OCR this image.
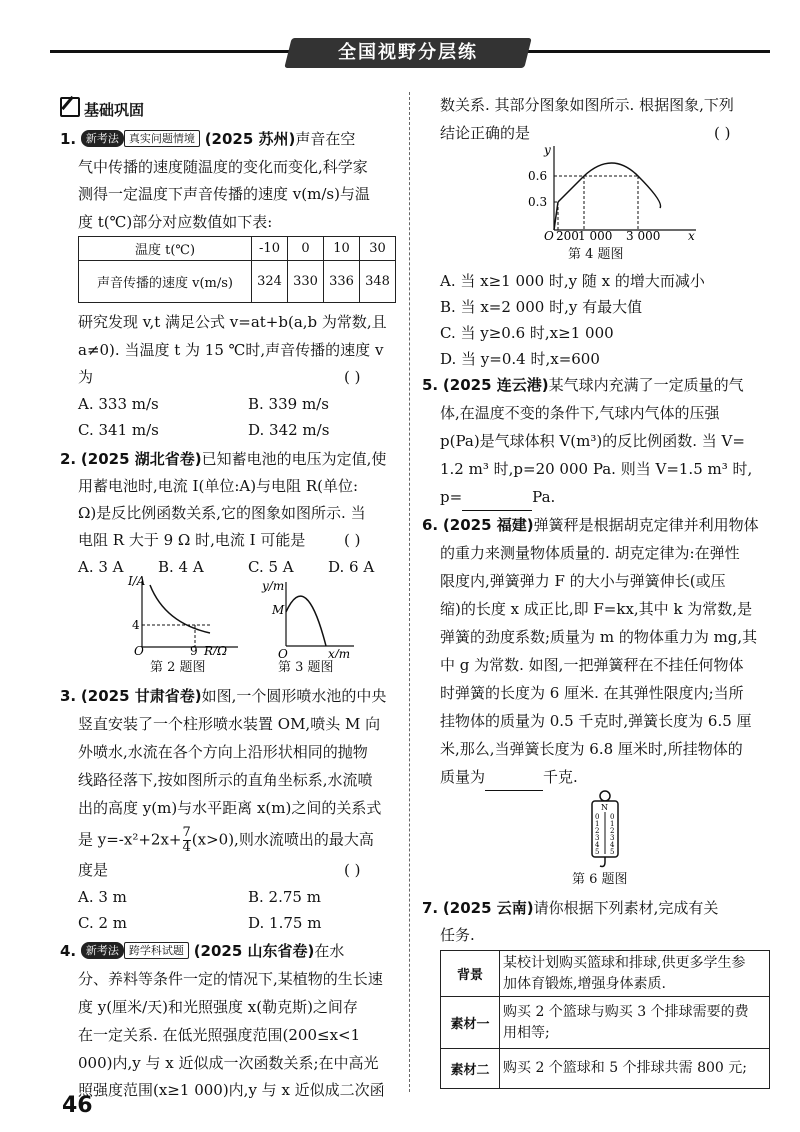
全国视野分层练
基础巩固
1. 新考法 真实问题情境 (2025 苏州)声音在空
气中传播的速度随温度的变化而变化,科学家
测得一定温度下声音传播的速度 v(m/s)与温
度 t(℃)部分对应数值如下表:
温度 t(℃)	-10	0	10	30
声音传播的速度 v(m/s)	324	330	336	348
研究发现 v,t 满足公式 v=at+b(a,b 为常数,且
a≠0). 当温度 t 为 15 ℃时,声音传播的速度 v
为	( )
A. 333 m/s	B. 339 m/s
C. 341 m/s	D. 342 m/s
2. (2025 湖北省卷)已知蓄电池的电压为定值,使
用蓄电池时,电流 I(单位:A)与电阻 R(单位:
Ω)是反比例函数关系,它的图象如图所示. 当
电阻 R 大于 9 Ω 时,电流 I 可能是	( )
A. 3 A B. 4 A	C. 5 A D. 6 A
I/A
4
O	9 R/Ω
第 2 题图
y/m
M
O	x/m
第 3 题图
3. (2025 甘肃省卷)如图,一个圆形喷水池的中央
竖直安装了一个柱形喷水装置 OM,喷头 M 向
外喷水,水流在各个方向上沿形状相同的抛物
线路径落下,按如图所示的直角坐标系,水流喷
出的高度 y(m)与水平距离 x(m)之间的关系式
是 $y=-x^2+2x+ \frac{7}{4} (x>0)$,则水流喷出的最大高
度是	( )
A. 3 m	B. 2.75 m
C. 2 m	D. 1.75 m
4. 新考法 跨学科试题 (2025 山东省卷)在水
分、养料等条件一定的情况下,某植物的生长速
度 y(厘米/天)和光照强度 x(勒克斯)之间存
在一定关系. 在低光照强度范围(200≤x<1
000)内,y 与 x 近似成一次函数关系;在中高光
照强度范围(x≥1 000)内,y 与 x 近似成二次函
46
数关系. 其部分图象如图所示. 根据图象,下列
结论正确的是	( )
y
0.6
0.3
O 200 1 000 3 000 x
第 4 题图
A. 当 x≥1 000 时,y 随 x 的增大而减小
B. 当 x=2 000 时,y 有最大值
C. 当 y≥0.6 时,x≥1 000
D. 当 y=0.4 时,x=600
5. (2025 连云港)某气球内充满了一定质量的气
体,在温度不变的条件下,气球内气体的压强
p(Pa)是气球体积 V(m³)的反比例函数. 当 V=
1.2 m³ 时,p=20 000 Pa. 则当 V=1.5 m³ 时,
p=	Pa.
6. (2025 福建)弹簧秤是根据胡克定律并利用物体
的重力来测量物体质量的. 胡克定律为:在弹性
限度内,弹簧弹力 F 的大小与弹簧伸长(或压
缩)的长度 x 成正比,即 F=kx,其中 k 为常数,是
弹簧的劲度系数;质量为 m 的物体重力为 mg,其
中 g 为常数. 如图,一把弹簧秤在不挂任何物体
时弹簧的长度为 6 厘米. 在其弹性限度内;当所
挂物体的质量为 0.5 千克时,弹簧长度为 6.5 厘
米,那么,当弹簧长度为 6.8 厘米时,所挂物体的
质量为	千克.
N
0 0
1 1
2 2
3 3
4 4
5 5
第 6 题图
7. (2025 云南)请你根据下列素材,完成有关
任务.
背景	某校计划购买篮球和排球,供更多学生参
加体育锻炼,增强身体素质.
素材一	购买 2 个篮球与购买 3 个排球需要的费
用相等;
素材二	购买 2 个篮球和 5 个排球共需 800 元;
